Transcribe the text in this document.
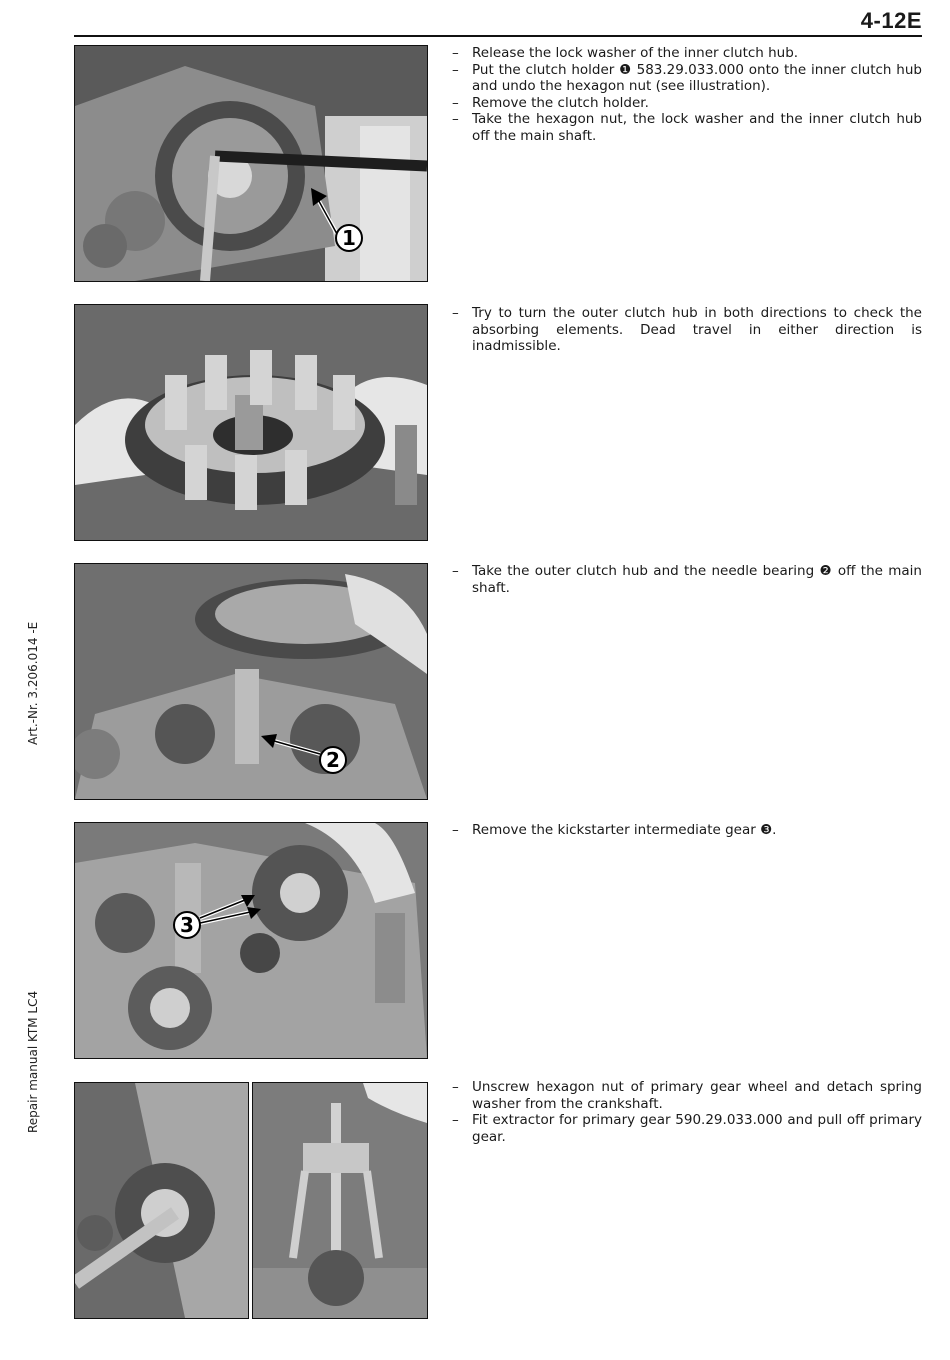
4-12E
Art.-Nr. 3.206.014 -E
Repair manual KTM LC4
1
2
3
– Release the lock washer of the inner clutch hub.
– Put the clutch holder ❶ 583.29.033.000 onto the inner clutch hub and undo the hexagon nut (see illustration).
– Remove the clutch holder.
– Take the hexagon nut, the lock washer and the inner clutch hub off the main shaft.
– Try to turn the outer clutch hub in both directions to check the absorbing elements. Dead travel in either direction is inadmissible.
– Take the outer clutch hub and the needle bearing ❷ off the main shaft.
– Remove the kickstarter intermediate gear ❸.
– Unscrew hexagon nut of primary gear wheel and detach spring washer from the crankshaft.
– Fit extractor for primary gear 590.29.033.000 and pull off primary gear.
